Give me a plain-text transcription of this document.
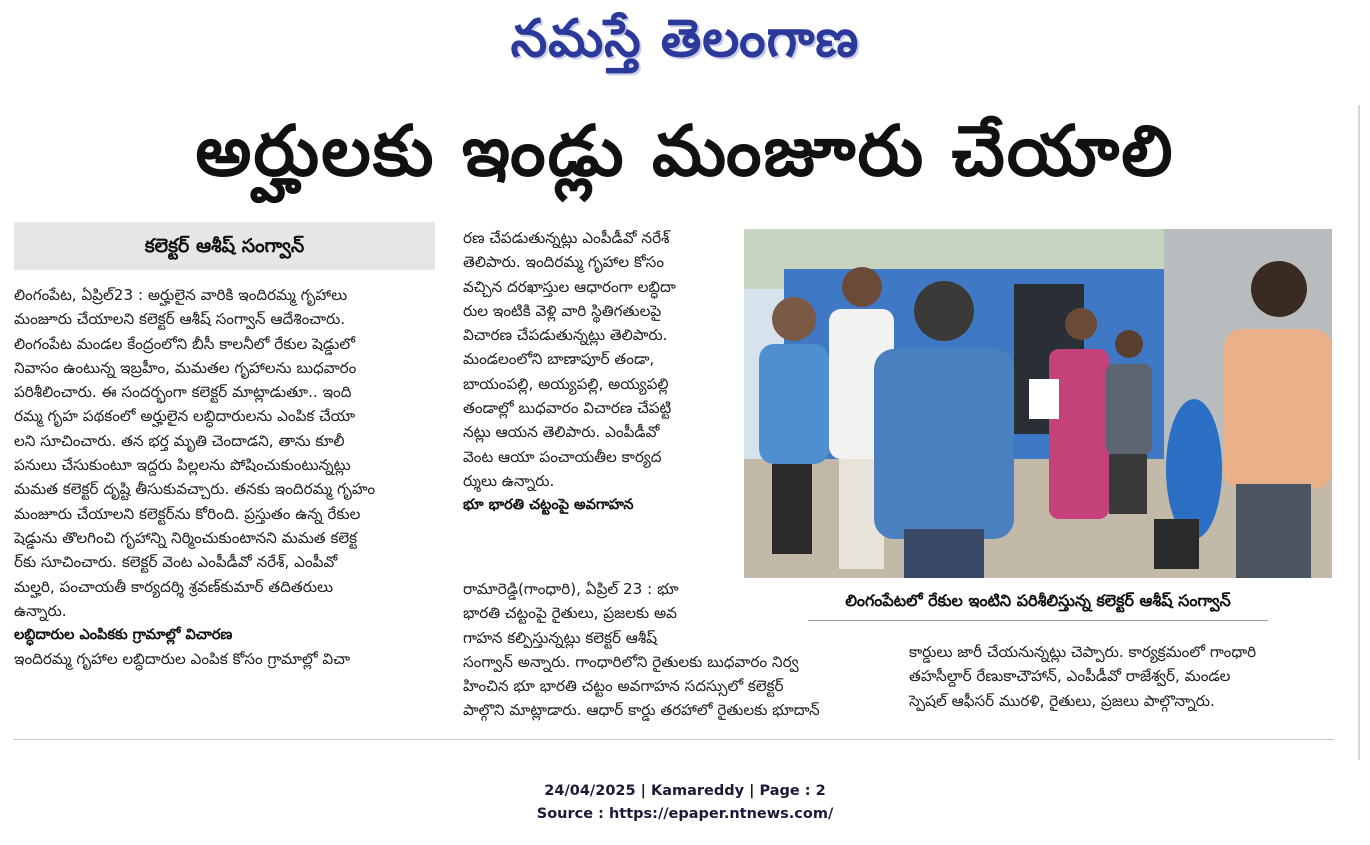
నమస్తే తెలంగాణ
అర్హులకు ఇండ్లు మంజూరు చేయాలి
కలెక్టర్ ఆశీష్ సంగ్వాన్

లింగంపేట, ఏప్రిల్23 : అర్హులైన వారికి ఇందిరమ్మ గృహాలు

మంజూరు చేయాలని కలెక్టర్ ఆశీష్ సంగ్వాన్ ఆదేశించారు.

లింగంపేట మండల కేంద్రంలోని బీసీ కాలనీలో రేకుల షెడ్డులో

నివాసం ఉంటున్న ఇబ్రహీం, మమతల గృహాలను బుధవారం

పరిశీలించారు. ఈ సందర్భంగా కలెక్టర్ మాట్లాడుతూ.. ఇంది

రమ్మ గృహ పథకంలో అర్హులైన లబ్ధిదారులను ఎంపిక చేయా

లని సూచించారు. తన భర్త మృతి చెందాడని, తాను కూలీ

పనులు చేసుకుంటూ ఇద్దరు పిల్లలను పోషించుకుంటున్నట్లు

మమత కలెక్టర్ దృష్టి తీసుకువచ్చారు. తనకు ఇందిరమ్మ గృహం

మంజూరు చేయాలని కలెక్టర్‌ను కోరింది. ప్రస్తుతం ఉన్న రేకుల

షెడ్డును తొలగించి గృహాన్ని నిర్మించుకుంటానని మమత కలెక్ట

ర్‌కు సూచించారు. కలెక్టర్ వెంట ఎంపీడీవో నరేశ్, ఎంపీవో

మల్హరి, పంచాయతీ కార్యదర్శి శ్రవణ్‌కుమార్ తదితరులు

ఉన్నారు.

లబ్ధిదారుల ఎంపికకు గ్రామాల్లో విచారణ

ఇందిరమ్మ గృహాల లబ్ధిదారుల ఎంపిక కోసం గ్రామాల్లో విచా

రణ చేపడుతున్నట్లు ఎంపీడీవో నరేశ్

తెలిపారు. ఇందిరమ్మ గృహాల కోసం

వచ్చిన దరఖాస్తుల ఆధారంగా లబ్ధిదా

రుల ఇంటికి వెళ్లి వారి స్థితిగతులపై

విచారణ చేపడుతున్నట్లు తెలిపారు.

మండలంలోని బాణాపూర్ తండా,

బాయంపల్లి, అయ్యపల్లి, అయ్యపల్లి

తండాల్లో బుధవారం విచారణ చేపట్టి

నట్లు ఆయన తెలిపారు. ఎంపీడీవో

వెంట ఆయా పంచాయతీల కార్యద

ర్శులు ఉన్నారు.

భూ భారతి చట్టంపై అవగాహన

రామారెడ్డి(గాంధారి), ఏప్రిల్ 23 : భూ

భారతి చట్టంపై రైతులు, ప్రజలకు అవ

గాహన కల్పిస్తున్నట్లు కలెక్టర్ ఆశీష్

సంగ్వాన్ అన్నారు. గాంధారిలోని రైతులకు బుధవారం నిర్వ

హించిన భూ భారతి చట్టం అవగాహన సదస్సులో కలెక్టర్

పాల్గొని మాట్లాడారు. ఆధార్ కార్డు తరహాలో రైతులకు భూదాన్

కార్డులు జారీ చేయనున్నట్లు చెప్పారు. కార్యక్రమంలో గాంధారి

తహసీల్దార్ రేణుకాచౌహాన్, ఎంపీడీవో రాజేశ్వర్, మండల

స్పెషల్ ఆఫీసర్ మురళి, రైతులు, ప్రజలు పాల్గొన్నారు.

లింగంపేటలో రేకుల ఇంటిని పరిశీలిస్తున్న కలెక్టర్ ఆశీష్ సంగ్వాన్
24/04/2025 | Kamareddy | Page : 2
Source : https://epaper.ntnews.com/
